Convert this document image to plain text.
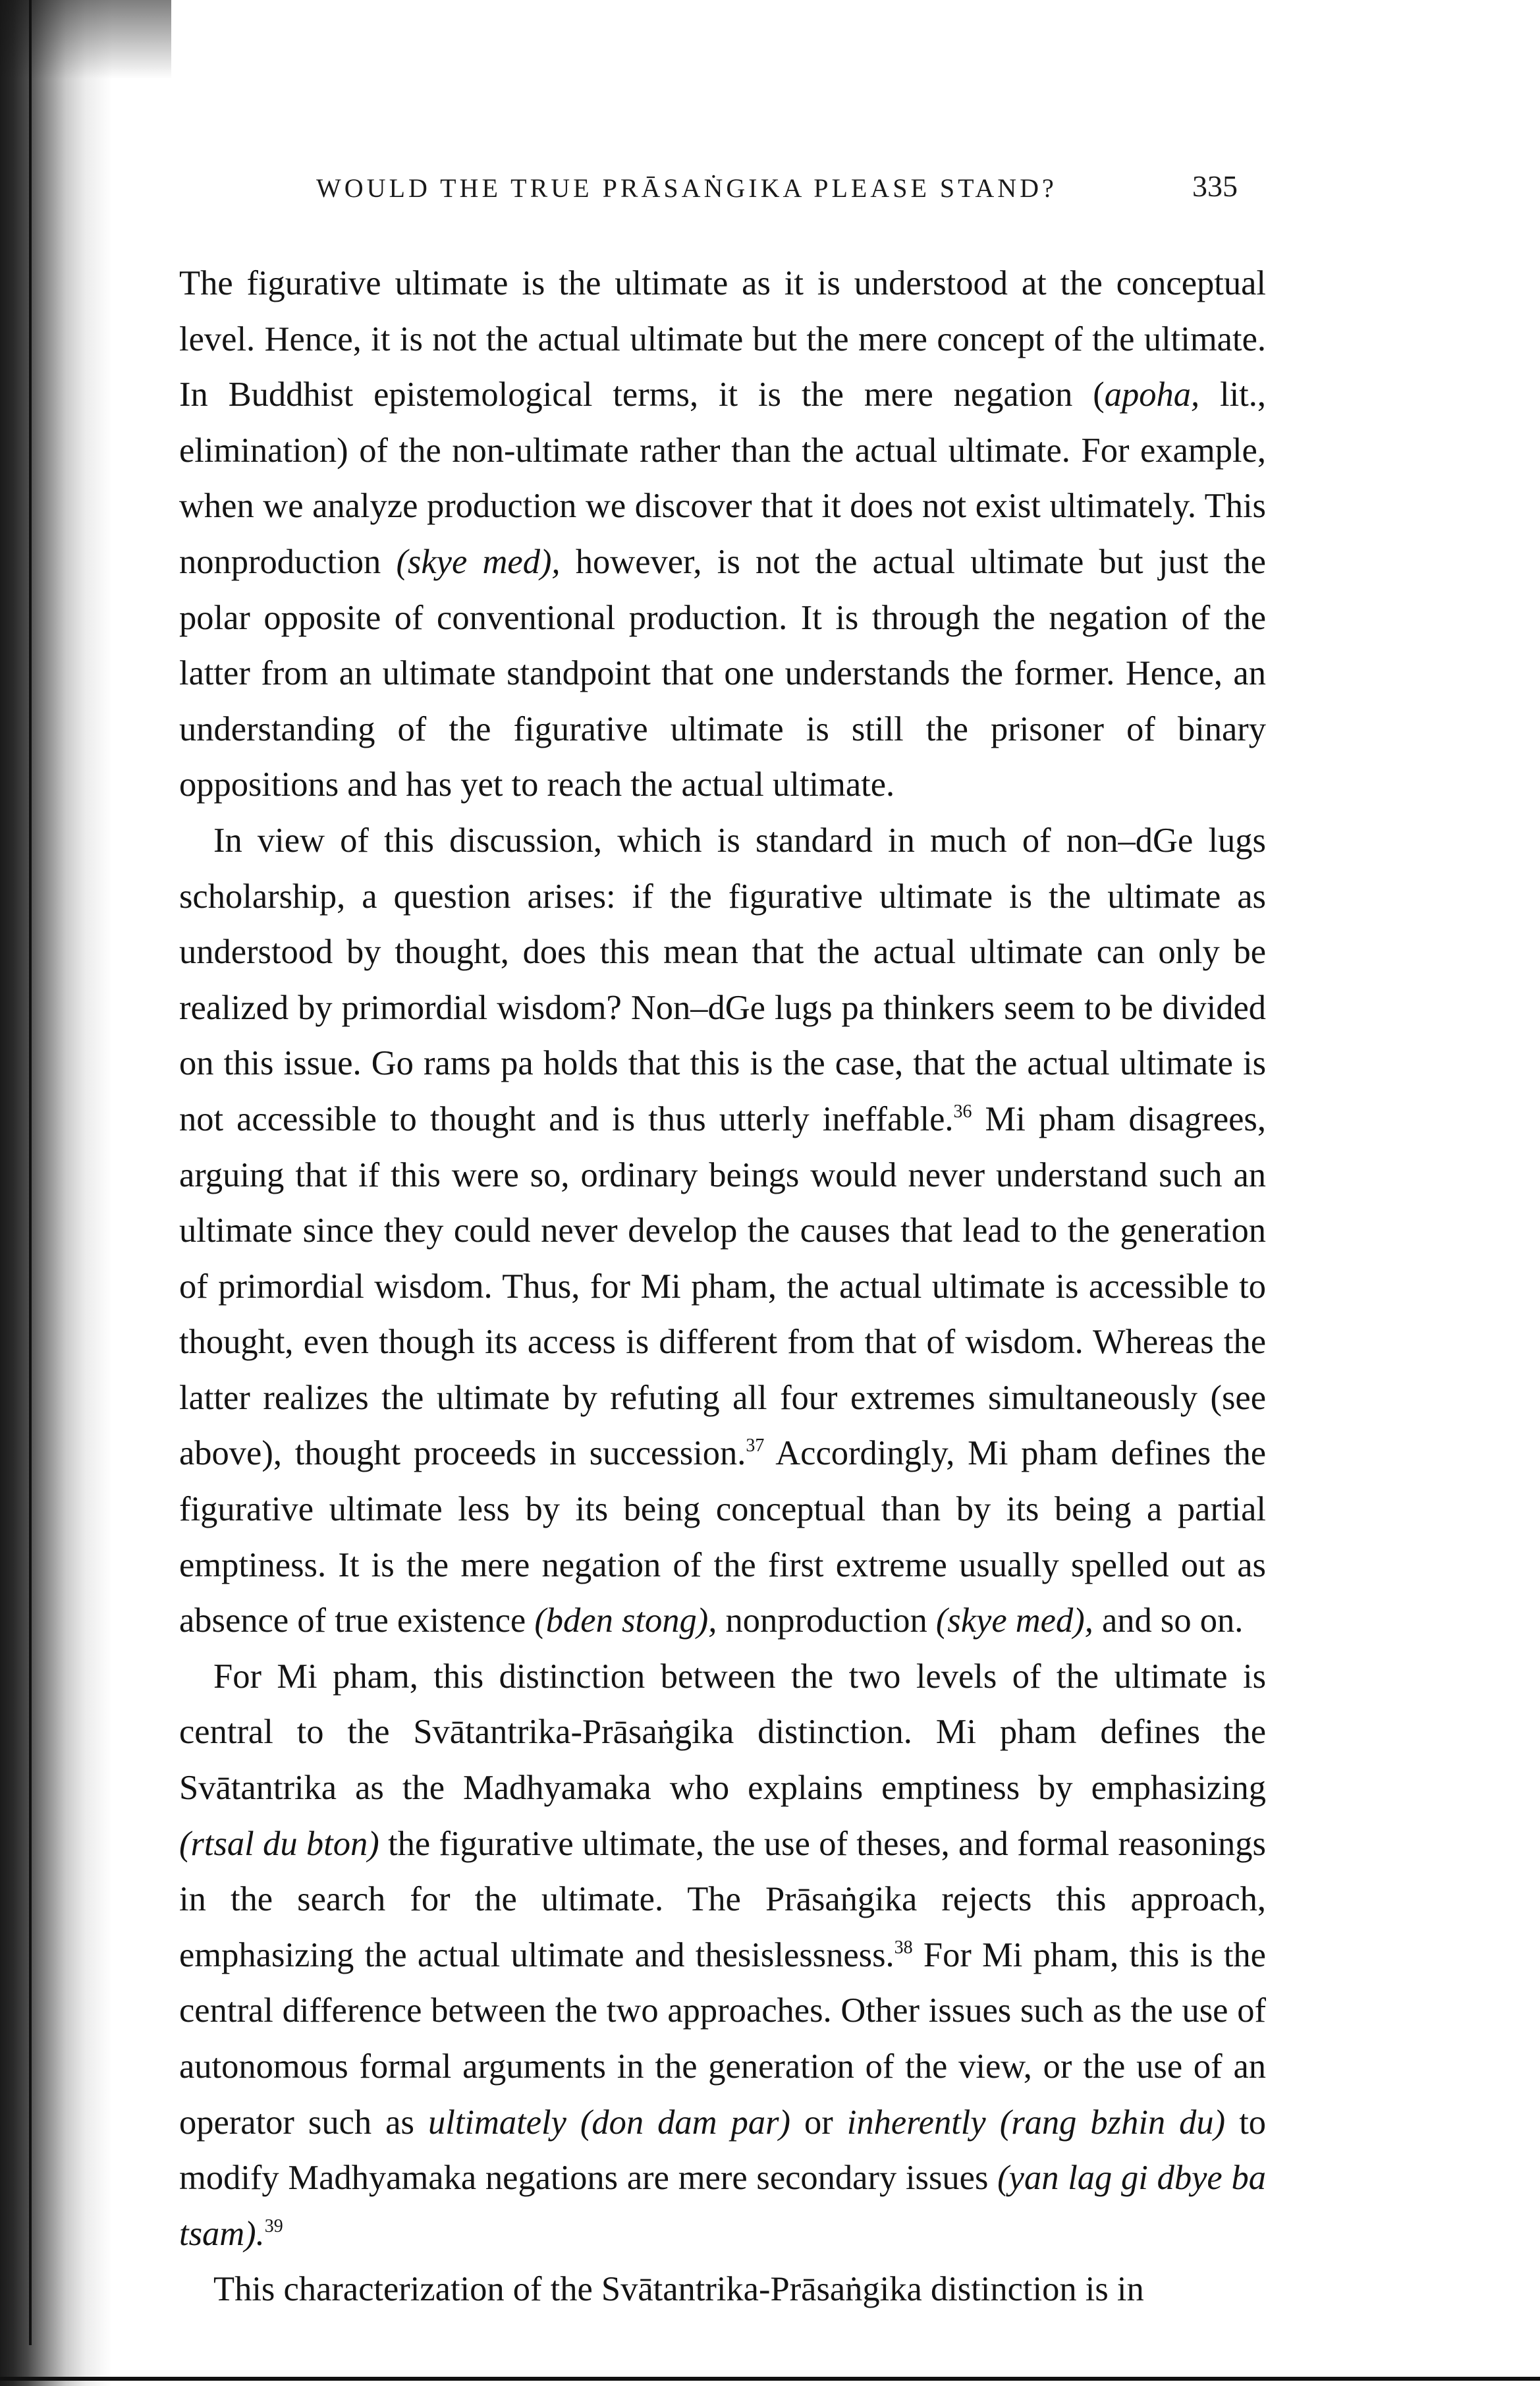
WOULD THE TRUE PRĀSAṄGIKA PLEASE STAND?	335

The figurative ultimate is the ultimate as it is understood at the conceptual level. Hence, it is not the actual ultimate but the mere concept of the ultimate. In Buddhist epistemological terms, it is the mere negation (apoha, lit., elimination) of the non-ultimate rather than the actual ultimate. For example, when we analyze production we discover that it does not exist ultimately. This nonproduction (skye med), however, is not the actual ultimate but just the polar opposite of conventional production. It is through the negation of the latter from an ultimate standpoint that one understands the former. Hence, an understanding of the figurative ultimate is still the prisoner of binary oppositions and has yet to reach the actual ultimate.

In view of this discussion, which is standard in much of non–dGe lugs scholarship, a question arises: if the figurative ultimate is the ultimate as understood by thought, does this mean that the actual ultimate can only be realized by primordial wisdom? Non–dGe lugs pa thinkers seem to be divided on this issue. Go rams pa holds that this is the case, that the actual ultimate is not accessible to thought and is thus utterly ineffable.$^{36}$ Mi pham disagrees, arguing that if this were so, ordinary beings would never understand such an ultimate since they could never develop the causes that lead to the generation of primordial wisdom. Thus, for Mi pham, the actual ultimate is accessible to thought, even though its access is different from that of wisdom. Whereas the latter realizes the ultimate by refuting all four extremes simultaneously (see above), thought proceeds in succession.$^{37}$ Accordingly, Mi pham defines the figurative ultimate less by its being conceptual than by its being a partial emptiness. It is the mere negation of the first extreme usually spelled out as absence of true existence (bden stong), nonproduction (skye med), and so on.

For Mi pham, this distinction between the two levels of the ultimate is central to the Svātantrika-Prāsaṅgika distinction. Mi pham defines the Svātantrika as the Madhyamaka who explains emptiness by emphasizing (rtsal du bton) the figurative ultimate, the use of theses, and formal reasonings in the search for the ultimate. The Prāsaṅgika rejects this approach, emphasizing the actual ultimate and thesislessness.$^{38}$ For Mi pham, this is the central difference between the two approaches. Other issues such as the use of autonomous formal arguments in the generation of the view, or the use of an operator such as ultimately (don dam par) or inherently (rang bzhin du) to modify Madhyamaka negations are mere secondary issues (yan lag gi dbye ba tsam).$^{39}$

This characterization of the Svātantrika-Prāsaṅgika distinction is in
